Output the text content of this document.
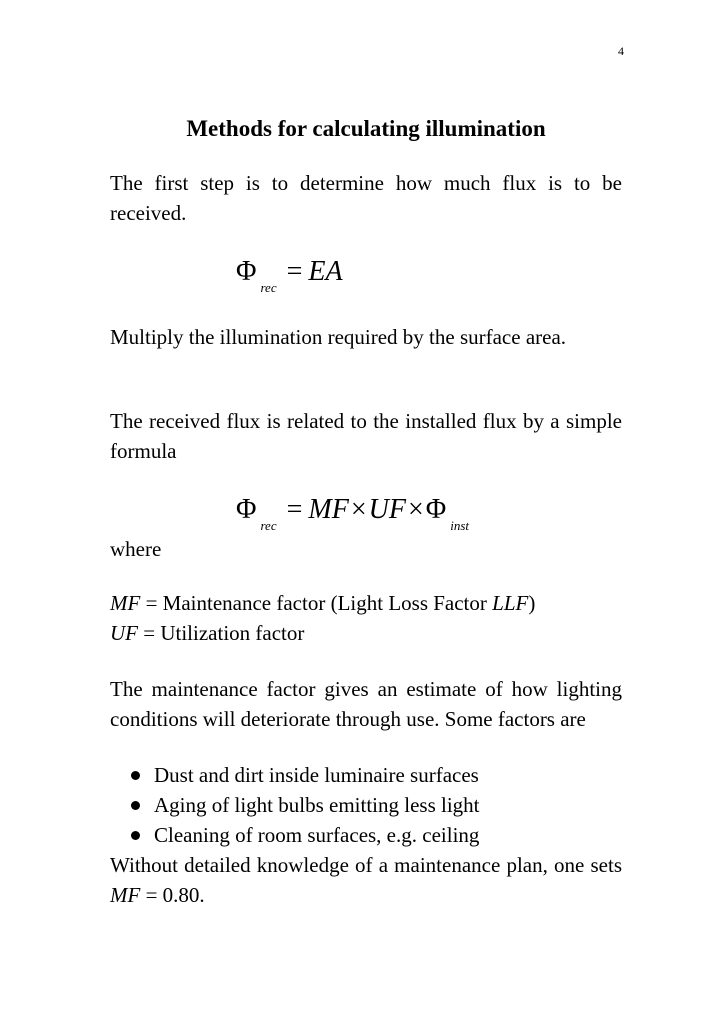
4
Methods for calculating illumination

The first step is to determine how much flux is to be received.

$\Phi_{rec}=$ EA

Multiply the illumination required by the surface area.

The received flux is related to the installed flux by a simple formula

$\Phi_{rec}= MF\times UF\times\Phi_{inst}$

where

MF = Maintenance factor (Light Loss Factor LLF)
UF = Utilization factor

The maintenance factor gives an estimate of how lighting conditions will deteriorate through use. Some factors are

Dust and dirt inside luminaire surfaces
Aging of light bulbs emitting less light
Cleaning of room surfaces, e.g. ceiling

Without detailed knowledge of a maintenance plan, one sets MF = 0.80.
